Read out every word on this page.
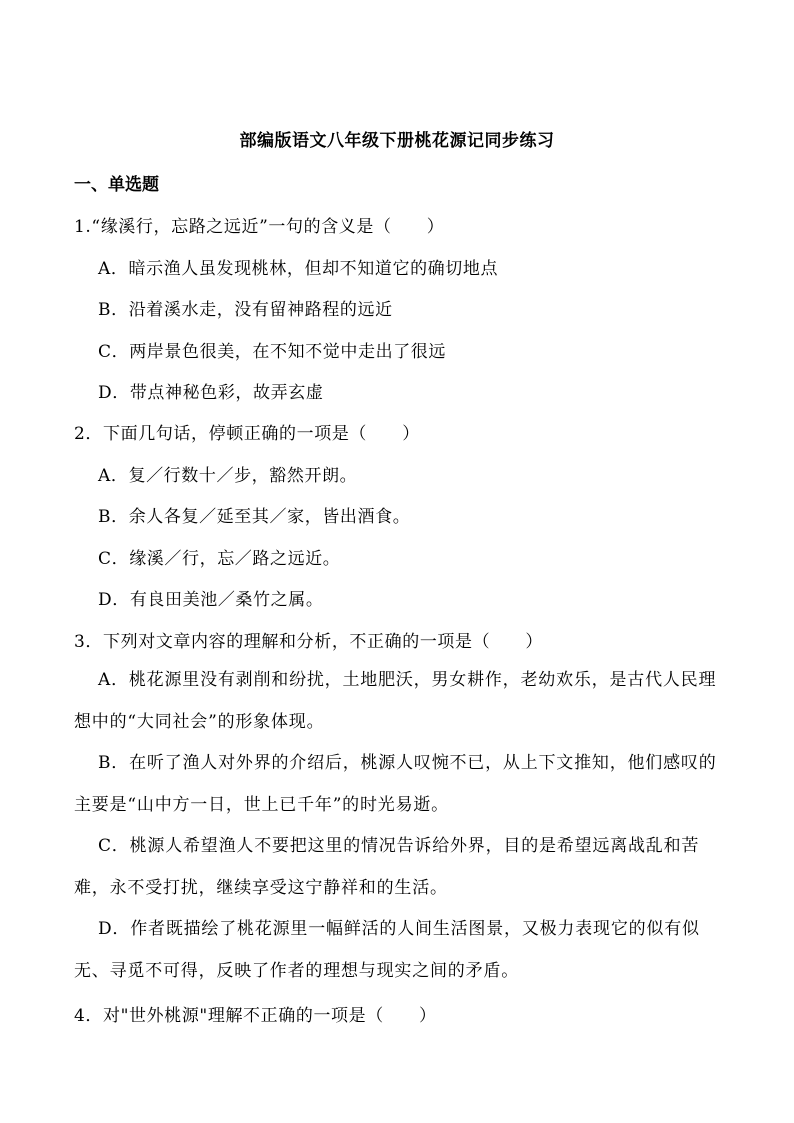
部编版语文八年级下册桃花源记同步练习
一、单选题
1.“缘溪行，忘路之远近”一句的含义是（　　）
A．暗示渔人虽发现桃林，但却不知道它的确切地点
B．沿着溪水走，没有留神路程的远近
C．两岸景色很美，在不知不觉中走出了很远
D．带点神秘色彩，故弄玄虚
2．下面几句话，停顿正确的一项是（　　）
A．复／行数十／步，豁然开朗。
B．余人各复／延至其／家，皆出酒食。
C．缘溪／行，忘／路之远近。
D．有良田美池／桑竹之属。
3．下列对文章内容的理解和分析，不正确的一项是（　　）
A．桃花源里没有剥削和纷扰，土地肥沃，男女耕作，老幼欢乐，是古代人民理想中的“大同社会”的形象体现。
B．在听了渔人对外界的介绍后，桃源人叹惋不已，从上下文推知，他们感叹的主要是“山中方一日，世上已千年”的时光易逝。
C．桃源人希望渔人不要把这里的情况告诉给外界，目的是希望远离战乱和苦难，永不受打扰，继续享受这宁静祥和的生活。
D．作者既描绘了桃花源里一幅鲜活的人间生活图景，又极力表现它的似有似无、寻觅不可得，反映了作者的理想与现实之间的矛盾。
4．对"世外桃源"理解不正确的一项是（　　）
